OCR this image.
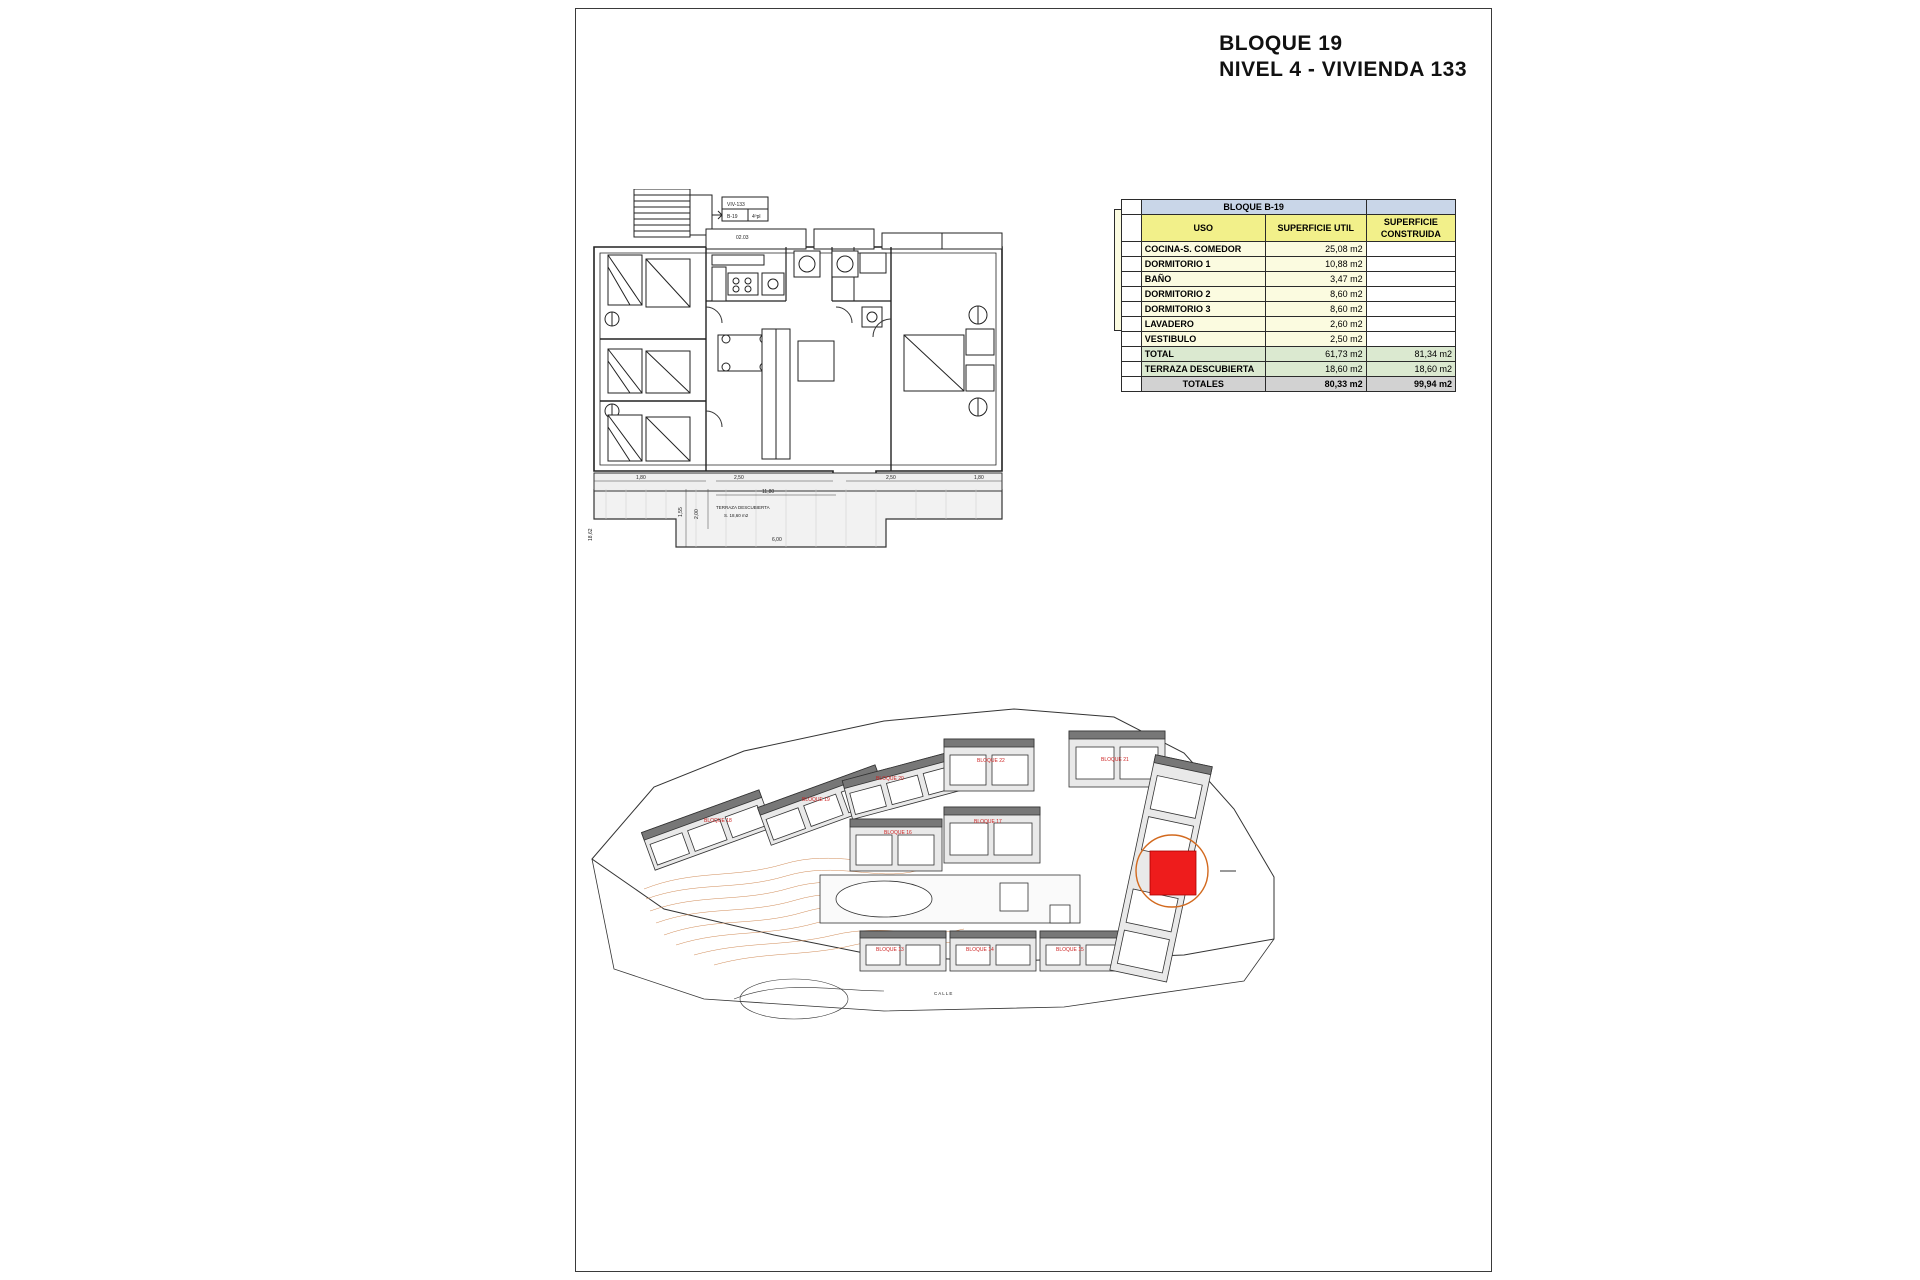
BLOQUE 19
NIVEL 4 - VIVIENDA 133
VIV-133
B-19	4ºpl
02.03
1,80	2,50	2,50	1,80
11,80
2,00
1,55
6,00
18,62
TERRAZA DESCUBIERTA
S. 18,60 m2
	BLOQUE B-19		
	USO	SUPERFICIE UTIL	SUPERFICIE CONSTRUIDA
	COCINA-S. COMEDOR	25,08 m2	
	DORMITORIO 1	10,88 m2	
	BAÑO	3,47 m2	
	DORMITORIO 2	8,60 m2	
	DORMITORIO 3	8,60 m2	
	LAVADERO	2,60 m2	
	VESTIBULO	2,50 m2	
	TOTAL	61,73 m2	81,34 m2
	TERRAZA DESCUBIERTA	18,60 m2	18,60 m2
	TOTALES	80,33 m2	99,94 m2
BLOQUE 22	BLOQUE 21
BLOQUE 20
BLOQUE 19
BLOQUE 18	BLOQUE 17
BLOQUE 16
BLOQUE 13	BLOQUE 14	BLOQUE 15
C A L L E
